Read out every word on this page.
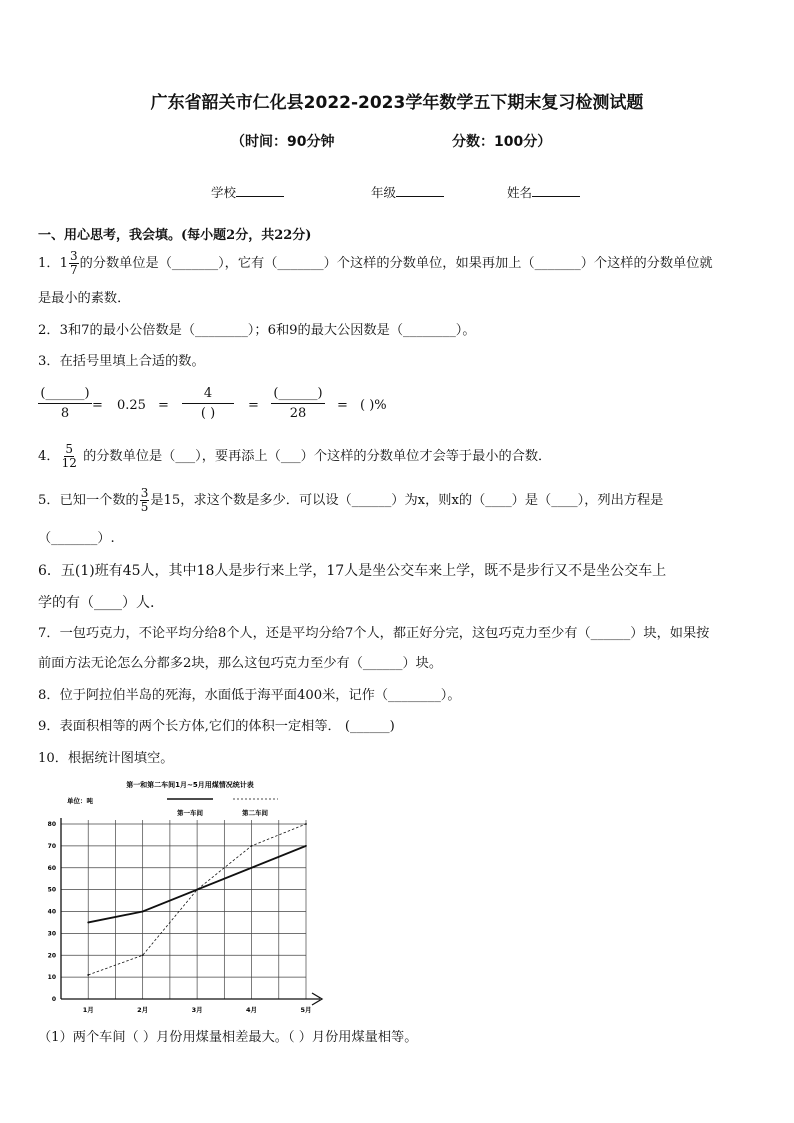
广东省韶关市仁化县2022-2023学年数学五下期末复习检测试题
（时间：90分钟	分数：100分）
学校	年级	姓名
一、用心思考，我会填。(每小题2分，共22分)
1．$1 \frac{3}{7}$ 的分数单位是（_______），它有（_______）个这样的分数单位，如果再加上（_______）个这样的分数单位就
是最小的素数．
2．3和7的最小公倍数是（________）；6和9的最大公因数是（________）。
3．在括号里填上合适的数。
(______)
8
= 0.25 =
4
( )
=
(______)
28
= ( )%
4． $\frac{5}{12}$ 的分数单位是（___），要再添上（___）个这样的分数单位才会等于最小的合数．
5．已知一个数的 $\frac{3}{5}$ 是15，求这个数是多少．可以设（______）为x，则x的（____）是（____），列出方程是
（_______）.
6．五(1)班有45人，其中18人是步行来上学，17人是坐公交车来上学，既不是步行又不是坐公交车上
学的有（____）人.
7．一包巧克力，不论平均分给8个人，还是平均分给7个人，都正好分完，这包巧克力至少有（______）块，如果按
前面方法无论怎么分都多2块，那么这包巧克力至少有（______）块。
8．位于阿拉伯半岛的死海，水面低于海平面400米，记作（________）。
9．表面积相等的两个长方体,它们的体积一定相等． (______)
10．根据统计图填空。
第一和第二车间1月~5月用煤情况统计表
单位：吨
第一车间	第二车间
0
10
20
30
40
50
60
70
80
1月	2月	3月	4月	5月
（1）两个车间（ ）月份用煤量相差最大。（ ）月份用煤量相等。
